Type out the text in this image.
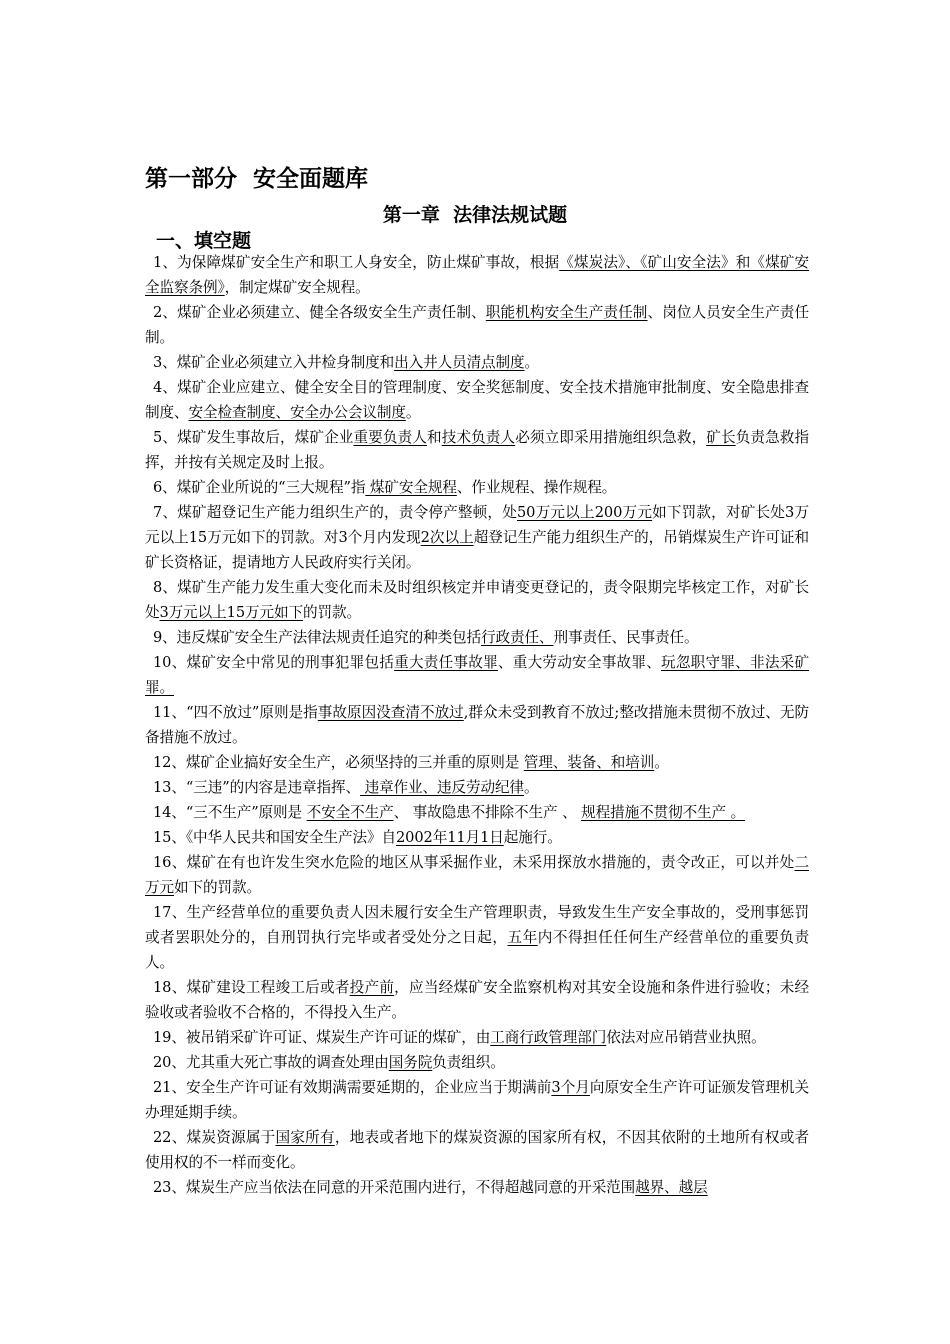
第一部分  安全面题库
第一章  法律法规试题
一、填空题

1、为保障煤矿安全生产和职工人身安全，防止煤矿事故，根据《煤炭法》、《矿山安全法》和《煤矿安全监察条例》，制定煤矿安全规程。

2、煤矿企业必须建立、健全各级安全生产责任制、职能机构安全生产责任制、岗位人员安全生产责任制。

3、煤矿企业必须建立入井检身制度和出入井人员清点制度。

4、煤矿企业应建立、健全安全目的管理制度、安全奖惩制度、安全技术措施审批制度、安全隐患排查制度、安全检查制度、安全办公会议制度。

5、煤矿发生事故后，煤矿企业重要负责人和技术负责人必须立即采用措施组织急救，矿长负责急救指挥，并按有关规定及时上报。

6、煤矿企业所说的“三大规程”指 煤矿安全规程、作业规程、操作规程。

7、煤矿超登记生产能力组织生产的，责令停产整顿，处50万元以上200万元如下罚款，对矿长处3万元以上15万元如下的罚款。对3个月内发现2次以上超登记生产能力组织生产的，吊销煤炭生产许可证和矿长资格证，提请地方人民政府实行关闭。

8、煤矿生产能力发生重大变化而未及时组织核定并申请变更登记的，责令限期完毕核定工作，对矿长处3万元以上15万元如下的罚款。

9、违反煤矿安全生产法律法规责任追究的种类包括行政责任、刑事责任、民事责任。

10、煤矿安全中常见的刑事犯罪包括重大责任事故罪、重大劳动安全事故罪、玩忽职守罪、非法采矿罪。

11、“四不放过”原则是指事故原因没查清不放过,群众未受到教育不放过;整改措施未贯彻不放过、无防备措施不放过。

12、煤矿企业搞好安全生产，必须坚持的三并重的原则是 管理、装备、和培训。

13、“三违”的内容是违章指挥、 违章作业、违反劳动纪律。

14、“三不生产”原则是 不安全不生产、 事故隐患不排除不生产 、 规程措施不贯彻不生产 。

15、《中华人民共和国安全生产法》自2002年11月1日起施行。

16、煤矿在有也许发生突水危险的地区从事采掘作业，未采用探放水措施的，责令改正，可以并处二万元如下的罚款。

17、生产经营单位的重要负责人因未履行安全生产管理职责，导致发生生产安全事故的，受刑事惩罚或者罢职处分的，自刑罚执行完毕或者受处分之日起，五年内不得担任任何生产经营单位的重要负责人。

18、煤矿建设工程竣工后或者投产前，应当经煤矿安全监察机构对其安全设施和条件进行验收；未经验收或者验收不合格的，不得投入生产。

19、被吊销采矿许可证、煤炭生产许可证的煤矿，由工商行政管理部门依法对应吊销营业执照。

20、尤其重大死亡事故的调查处理由国务院负责组织。

21、安全生产许可证有效期满需要延期的，企业应当于期满前3个月向原安全生产许可证颁发管理机关办理延期手续。

22、煤炭资源属于国家所有，地表或者地下的煤炭资源的国家所有权，不因其依附的土地所有权或者使用权的不一样而变化。

23、煤炭生产应当依法在同意的开采范围内进行，不得超越同意的开采范围越界、越层
